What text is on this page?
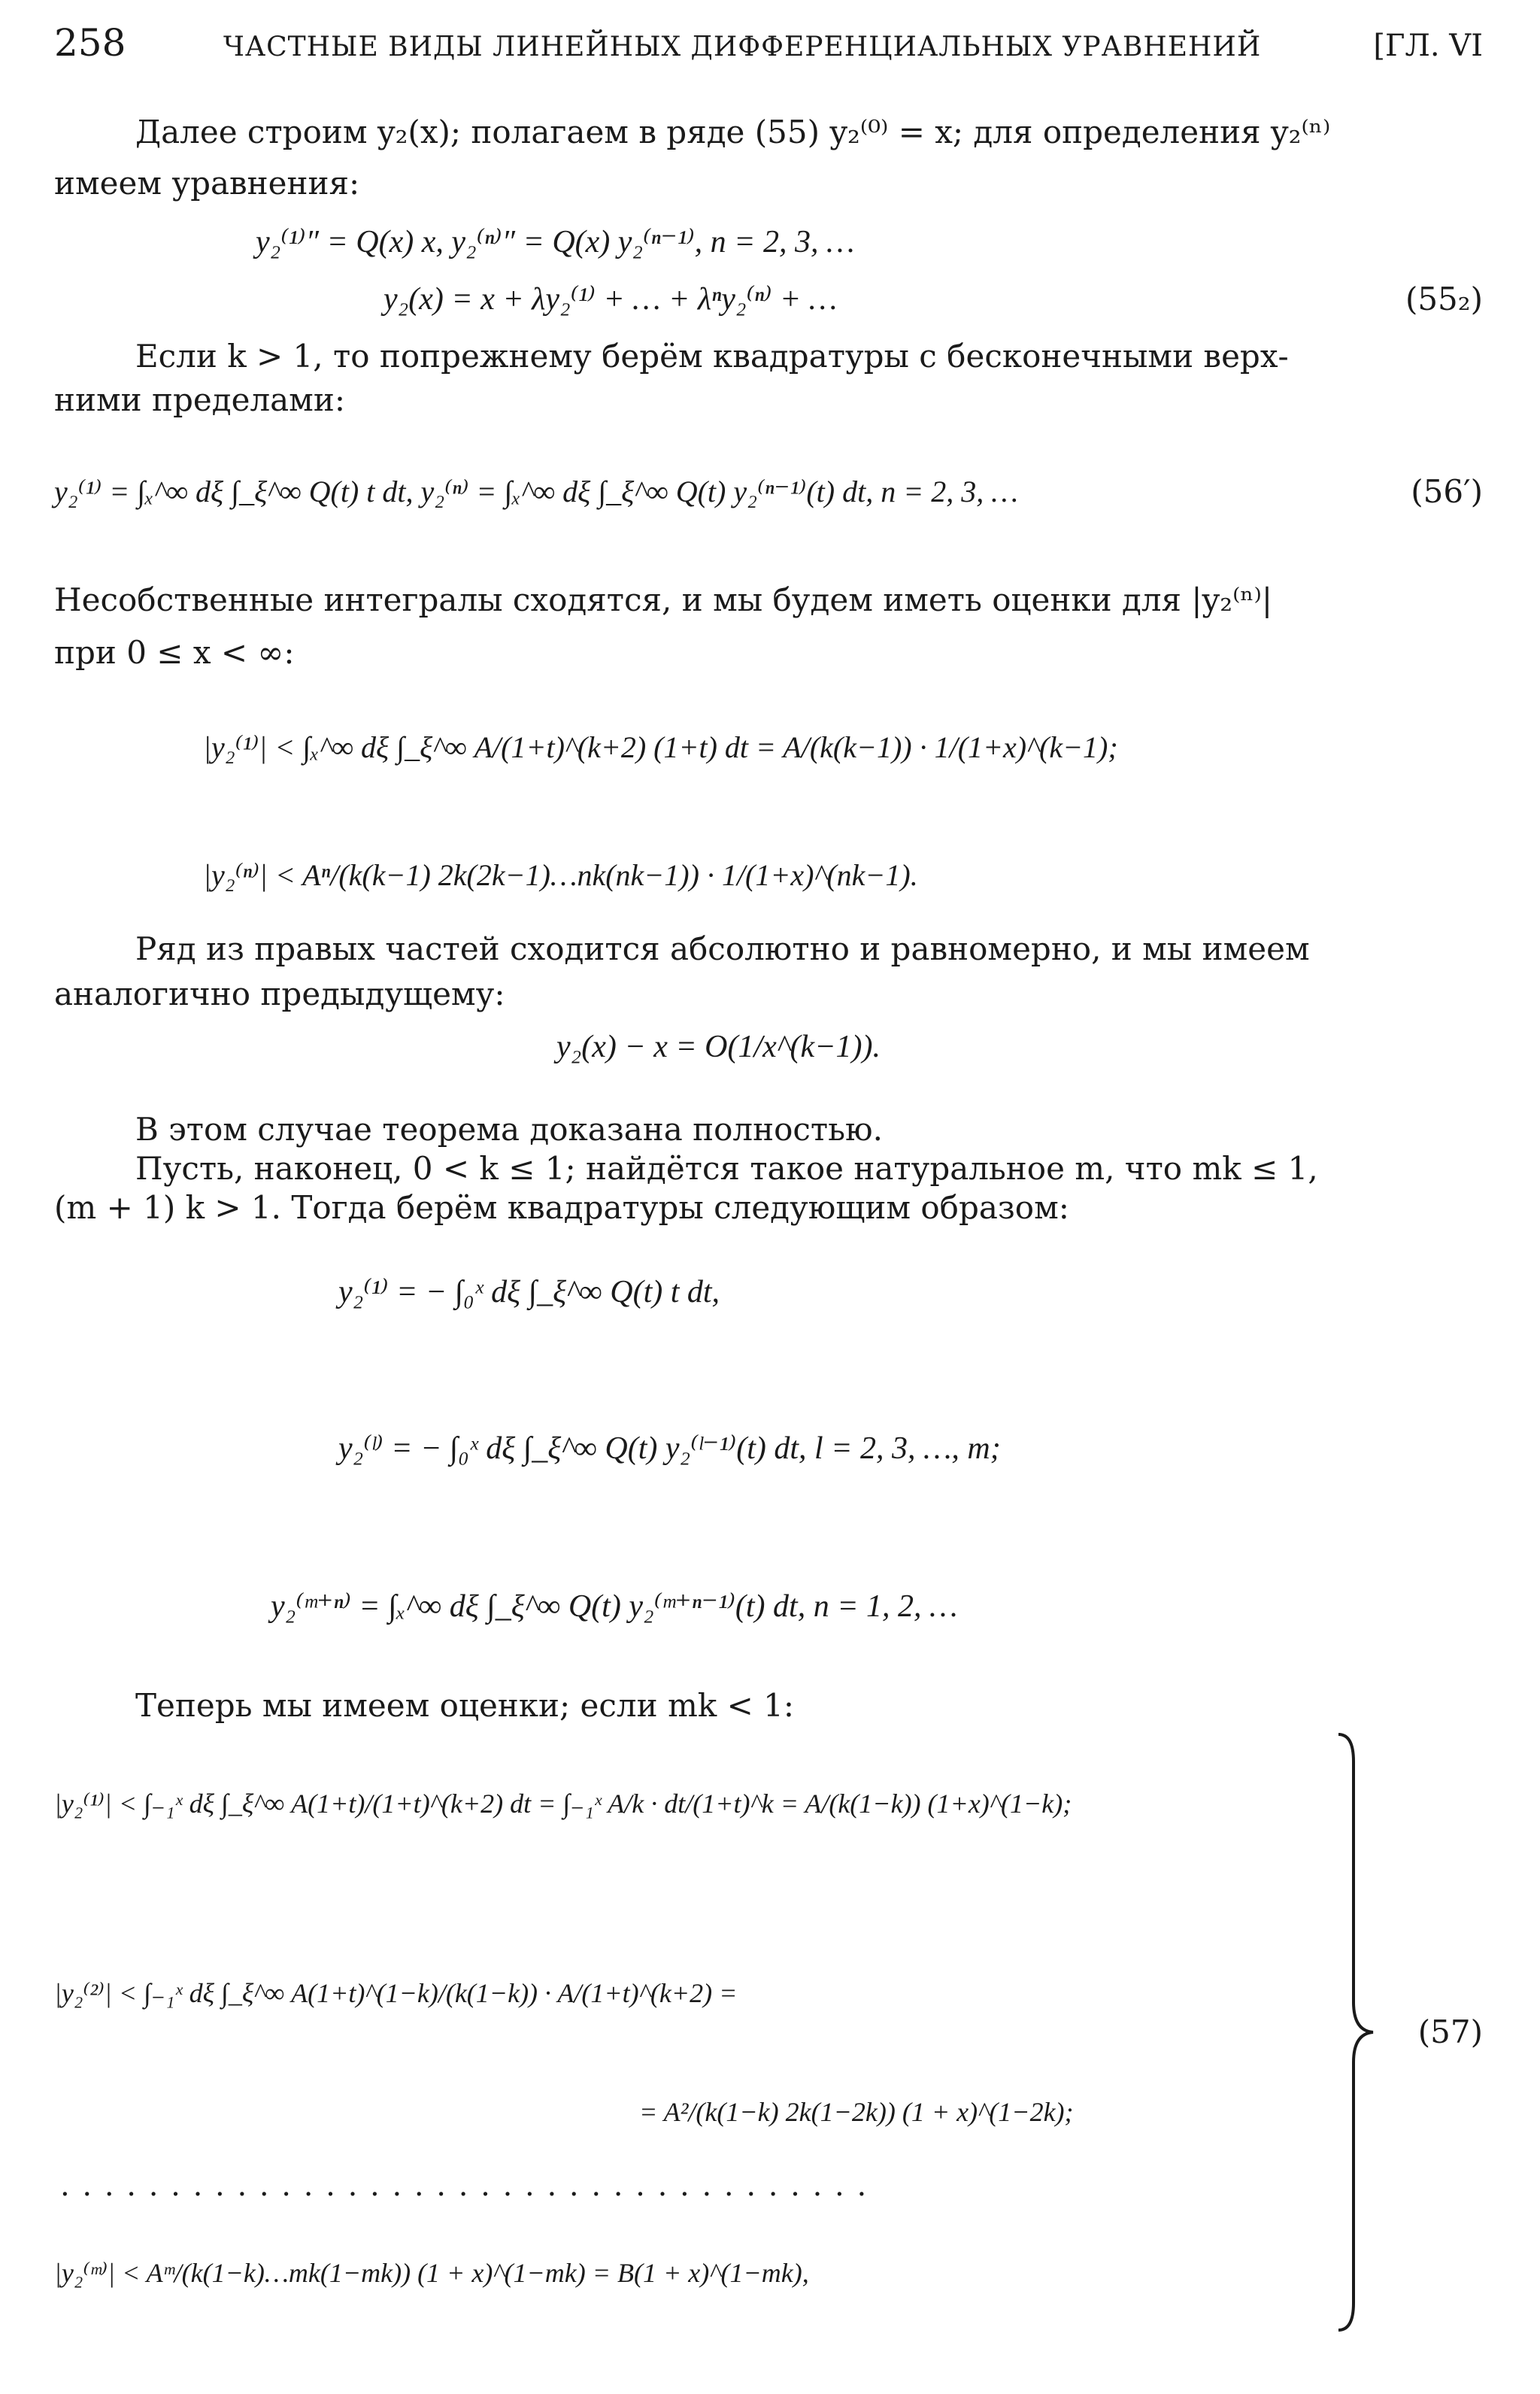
258	ЧАСТНЫЕ ВИДЫ ЛИНЕЙНЫХ ДИФФЕРЕНЦИАЛЬНЫХ УРАВНЕНИЙ	[ГЛ. VI
Далее строим y₂(x); полагаем в ряде (55) y₂⁽⁰⁾ = x; для определения y₂⁽ⁿ⁾
имеем уравнения:
y₂⁽¹⁾″ = Q(x) x, y₂⁽ⁿ⁾″ = Q(x) y₂⁽ⁿ⁻¹⁾, n = 2, 3, …
y₂(x) = x + λy₂⁽¹⁾ + … + λⁿy₂⁽ⁿ⁾ + …	(55₂)
Если k > 1, то попрежнему берём квадратуры с бесконечными верх-
ними пределами:
y₂⁽¹⁾ = ∫ₓ^∞ dξ ∫_ξ^∞ Q(t) t dt, y₂⁽ⁿ⁾ = ∫ₓ^∞ dξ ∫_ξ^∞ Q(t) y₂⁽ⁿ⁻¹⁾(t) dt, n = 2, 3, …	(56′)
Несобственные интегралы сходятся, и мы будем иметь оценки для |y₂⁽ⁿ⁾|
при 0 ≤ x < ∞:
|y₂⁽¹⁾| < ∫ₓ^∞ dξ ∫_ξ^∞ A/(1+t)^(k+2) (1+t) dt = A/(k(k−1)) · 1/(1+x)^(k−1);
|y₂⁽ⁿ⁾| < Aⁿ/(k(k−1) 2k(2k−1)…nk(nk−1)) · 1/(1+x)^(nk−1).
Ряд из правых частей сходится абсолютно и равномерно, и мы имеем
аналогично предыдущему:
y₂(x) − x = O(1/x^(k−1)).
В этом случае теорема доказана полностью.
Пусть, наконец, 0 < k ≤ 1; найдётся такое натуральное m, что mk ≤ 1,
(m + 1) k > 1. Тогда берём квадратуры следующим образом:
y₂⁽¹⁾ = − ∫₀ˣ dξ ∫_ξ^∞ Q(t) t dt,
y₂⁽ˡ⁾ = − ∫₀ˣ dξ ∫_ξ^∞ Q(t) y₂⁽ˡ⁻¹⁾(t) dt, l = 2, 3, …, m;
y₂⁽ᵐ⁺ⁿ⁾ = ∫ₓ^∞ dξ ∫_ξ^∞ Q(t) y₂⁽ᵐ⁺ⁿ⁻¹⁾(t) dt, n = 1, 2, …
Теперь мы имеем оценки; если mk < 1:
|y₂⁽¹⁾| < ∫₋₁ˣ dξ ∫_ξ^∞ A(1+t)/(1+t)^(k+2) dt = ∫₋₁ˣ A/k · dt/(1+t)^k = A/(k(1−k)) (1+x)^(1−k);
|y₂⁽²⁾| < ∫₋₁ˣ dξ ∫_ξ^∞ A(1+t)^(1−k)/(k(1−k)) · A/(1+t)^(k+2) =
= A²/(k(1−k) 2k(1−2k)) (1 + x)^(1−2k);
. . . . . . . . . . . . . . . . . . . . . . . . . . . . . . . . . . . . .
|y₂⁽ᵐ⁾| < Aᵐ/(k(1−k)…mk(1−mk)) (1 + x)^(1−mk) = B(1 + x)^(1−mk),
(57)
